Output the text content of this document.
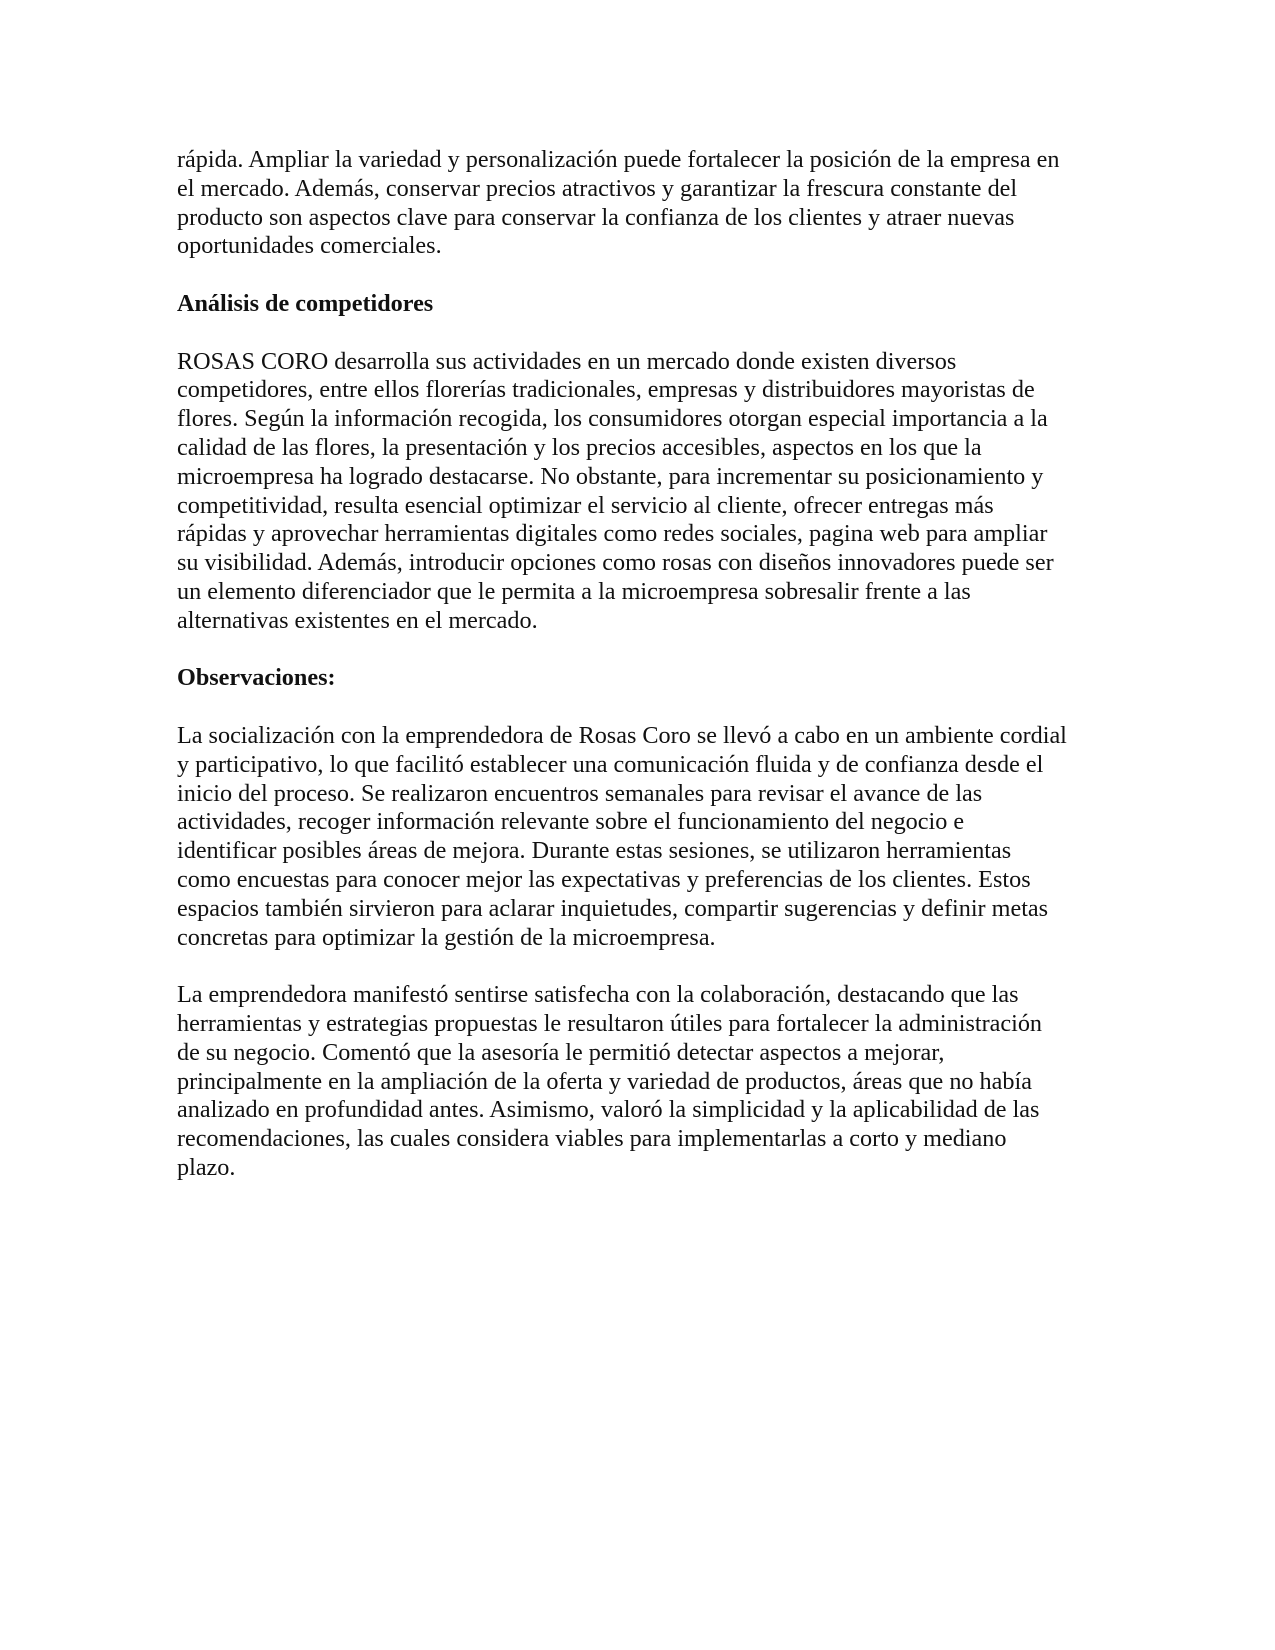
rápida. Ampliar la variedad y personalización puede fortalecer la posición de la empresa en
el mercado. Además, conservar precios atractivos y garantizar la frescura constante del
producto son aspectos clave para conservar la confianza de los clientes y atraer nuevas
oportunidades comerciales.

Análisis de competidores

ROSAS CORO desarrolla sus actividades en un mercado donde existen diversos
competidores, entre ellos florerías tradicionales, empresas y distribuidores mayoristas de
flores. Según la información recogida, los consumidores otorgan especial importancia a la
calidad de las flores, la presentación y los precios accesibles, aspectos en los que la
microempresa ha logrado destacarse. No obstante, para incrementar su posicionamiento y
competitividad, resulta esencial optimizar el servicio al cliente, ofrecer entregas más
rápidas y aprovechar herramientas digitales como redes sociales, pagina web para ampliar
su visibilidad. Además, introducir opciones como rosas con diseños innovadores puede ser
un elemento diferenciador que le permita a la microempresa sobresalir frente a las
alternativas existentes en el mercado.

Observaciones:

La socialización con la emprendedora de Rosas Coro se llevó a cabo en un ambiente cordial
y participativo, lo que facilitó establecer una comunicación fluida y de confianza desde el
inicio del proceso. Se realizaron encuentros semanales para revisar el avance de las
actividades, recoger información relevante sobre el funcionamiento del negocio e
identificar posibles áreas de mejora. Durante estas sesiones, se utilizaron herramientas
como encuestas para conocer mejor las expectativas y preferencias de los clientes. Estos
espacios también sirvieron para aclarar inquietudes, compartir sugerencias y definir metas
concretas para optimizar la gestión de la microempresa.

La emprendedora manifestó sentirse satisfecha con la colaboración, destacando que las
herramientas y estrategias propuestas le resultaron útiles para fortalecer la administración
de su negocio. Comentó que la asesoría le permitió detectar aspectos a mejorar,
principalmente en la ampliación de la oferta y variedad de productos, áreas que no había
analizado en profundidad antes. Asimismo, valoró la simplicidad y la aplicabilidad de las
recomendaciones, las cuales considera viables para implementarlas a corto y mediano
plazo.
